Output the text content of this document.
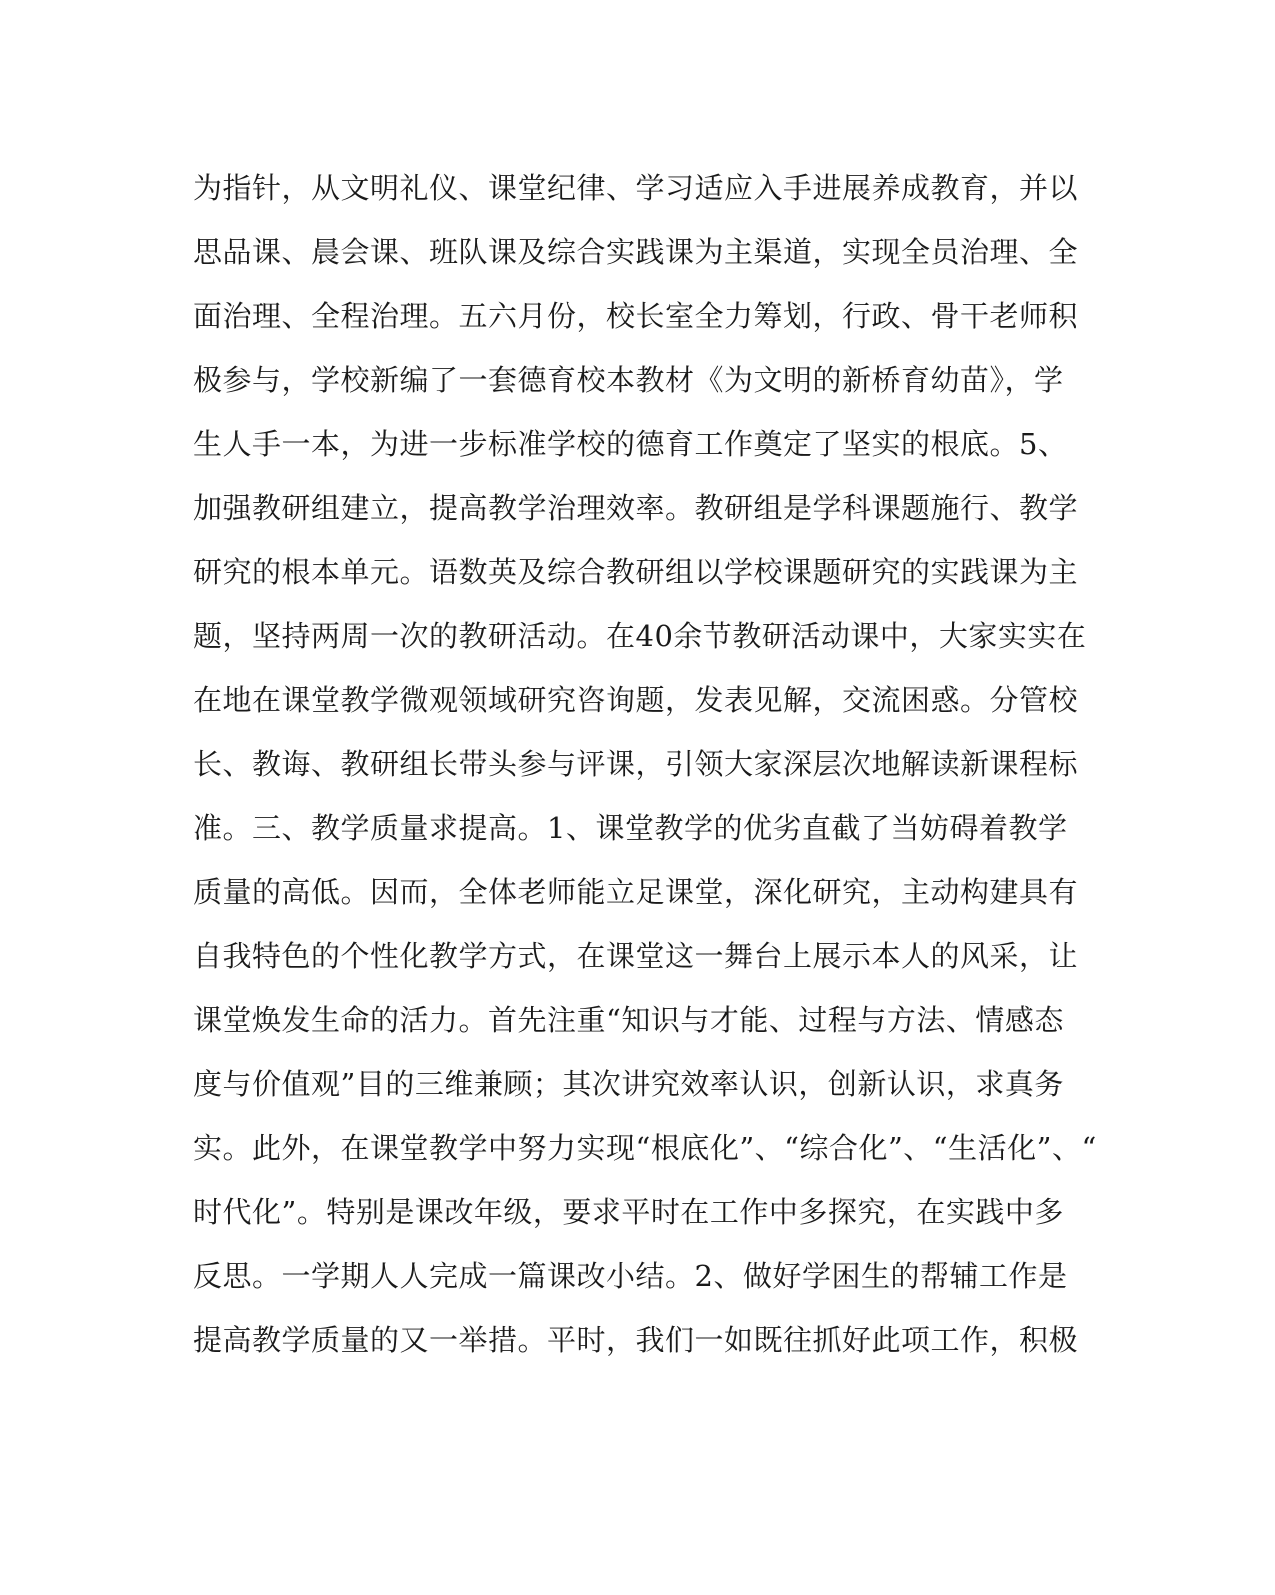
为指针，从文明礼仪、课堂纪律、学习适应入手进展养成教育，并以
思品课、晨会课、班队课及综合实践课为主渠道，实现全员治理、全
面治理、全程治理。五六月份，校长室全力筹划，行政、骨干老师积
极参与，学校新编了一套德育校本教材《为文明的新桥育幼苗》，学
生人手一本，为进一步标准学校的德育工作奠定了坚实的根底。5、
加强教研组建立，提高教学治理效率。教研组是学科课题施行、教学
研究的根本单元。语数英及综合教研组以学校课题研究的实践课为主
题，坚持两周一次的教研活动。在40余节教研活动课中，大家实实在
在地在课堂教学微观领域研究咨询题，发表见解，交流困惑。分管校
长、教诲、教研组长带头参与评课，引领大家深层次地解读新课程标
准。三、教学质量求提高。1、课堂教学的优劣直截了当妨碍着教学
质量的高低。因而，全体老师能立足课堂，深化研究，主动构建具有
自我特色的个性化教学方式，在课堂这一舞台上展示本人的风采，让
课堂焕发生命的活力。首先注重“知识与才能、过程与方法、情感态
度与价值观”目的三维兼顾；其次讲究效率认识，创新认识，求真务
实。此外，在课堂教学中努力实现“根底化”、“综合化”、“生活化”、“
时代化”。特别是课改年级，要求平时在工作中多探究，在实践中多
反思。一学期人人完成一篇课改小结。2、做好学困生的帮辅工作是
提高教学质量的又一举措。平时，我们一如既往抓好此项工作，积极
